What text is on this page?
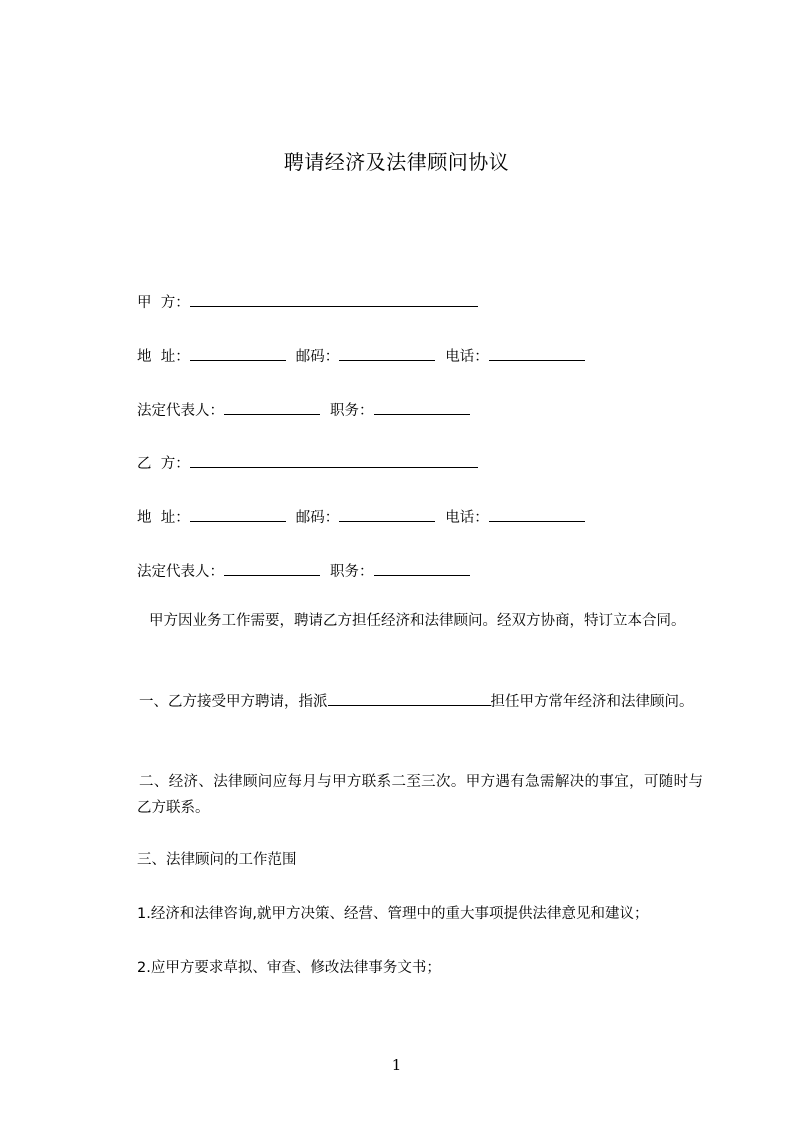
聘请经济及法律顾问协议
甲  方：
地  址：	邮码：	电话：
法定代表人：	职务：
乙  方：
地  址：	邮码：	电话：
法定代表人：	职务：
甲方因业务工作需要，聘请乙方担任经济和法律顾问。经双方协商，特订立本合同。
一、乙方接受甲方聘请，指派	担任甲方常年经济和法律顾问。
二、经济、法律顾问应每月与甲方联系二至三次。甲方遇有急需解决的事宜，可随时与乙方联系。
三、法律顾问的工作范围
1.经济和法律咨询,就甲方决策、经营、管理中的重大事项提供法律意见和建议；
2.应甲方要求草拟、审查、修改法律事务文书；
1
